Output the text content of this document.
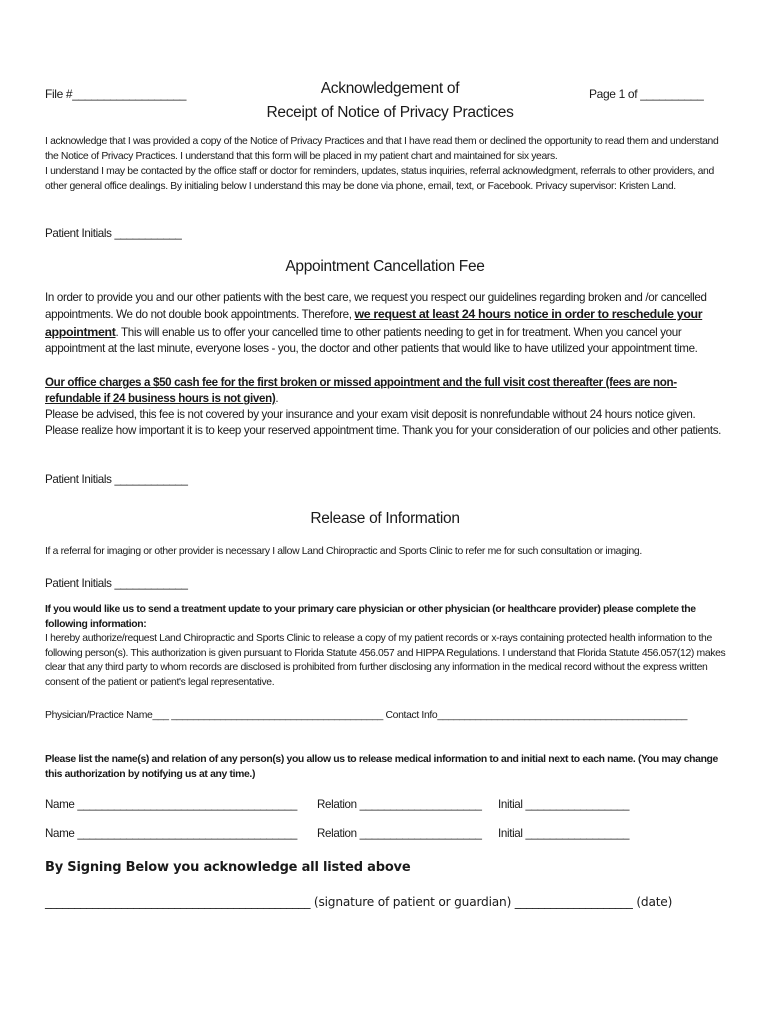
File #__________________	Acknowledgement of
Receipt of Notice of Privacy Practices
Page 1 of __________
I acknowledge that I was provided a copy of the Notice of Privacy Practices and that I have read them or declined the opportunity to read them and understand the Notice of Privacy Practices. I understand that this form will be placed in my patient chart and maintained for six years.
I understand I may be contacted by the office staff or doctor for reminders, updates, status inquiries, referral acknowledgment, referrals to other providers, and other general office dealings. By initialing below I understand this may be done via phone, email, text, or Facebook. Privacy supervisor: Kristen Land.
Patient Initials ___________
Appointment Cancellation Fee
In order to provide you and our other patients with the best care, we request you respect our guidelines regarding broken and /or cancelled appointments. We do not double book appointments. Therefore, we request at least 24 hours notice in order to reschedule your appointment. This will enable us to offer your cancelled time to other patients needing to get in for treatment. When you cancel your appointment at the last minute, everyone loses - you, the doctor and other patients that would like to have utilized your appointment time.
Our office charges a $50 cash fee for the first broken or missed appointment and the full visit cost thereafter (fees are non-refundable if 24 business hours is not given).
Please be advised, this fee is not covered by your insurance and your exam visit deposit is nonrefundable without 24 hours notice given. Please realize how important it is to keep your reserved appointment time. Thank you for your consideration of our policies and other patients.
Patient Initials ____________
Release of Information
If a referral for imaging or other provider is necessary I allow Land Chiropractic and Sports Clinic to refer me for such consultation or imaging.
Patient Initials ____________
If you would like us to send a treatment update to your primary care physician or other physician (or healthcare provider) please complete the following information:
I hereby authorize/request Land Chiropractic and Sports Clinic to release a copy of my patient records or x-rays containing protected health information to the following person(s). This authorization is given pursuant to Florida Statute 456.057 and HIPPA Regulations. I understand that Florida Statute 456.057(12) makes clear that any third party to whom records are disclosed is prohibited from further disclosing any information in the medical record without the express written consent of the patient or patient's legal representative.
Physician/Practice Name___ _______________________________________ Contact Info______________________________________________
Please list the name(s) and relation of any person(s) you allow us to release medical information to and initial next to each name. (You may change this authorization by notifying us at any time.)
Name ____________________________________ Relation ____________________ Initial _________________
Name ____________________________________ Relation ____________________ Initial _________________
By Signing Below you acknowledge all listed above
_____________________________________________ (signature of patient or guardian) ____________________ (date)
